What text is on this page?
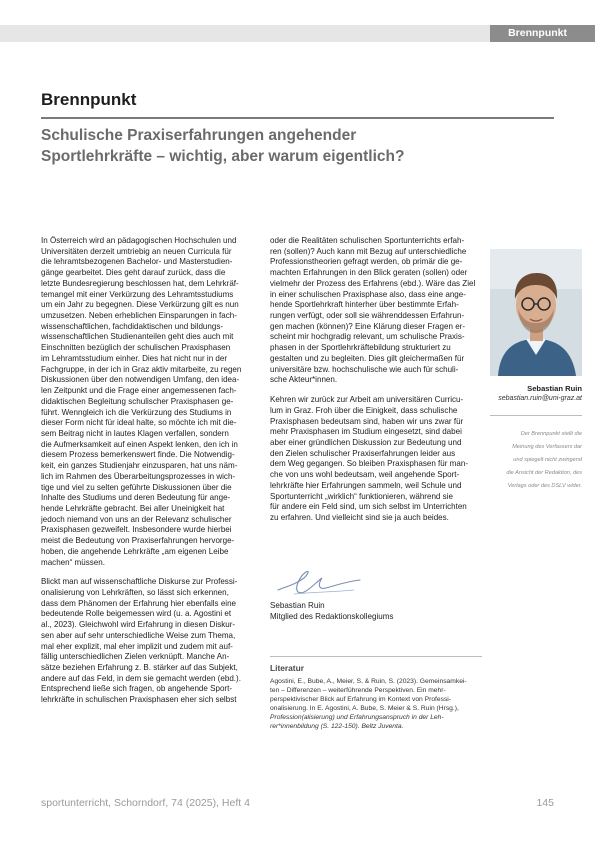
Brennpunkt
Brennpunkt
Schulische Praxiserfahrungen angehender
Sportlehrkräfte – wichtig, aber warum eigentlich?

In Österreich wird an pädagogischen Hochschulen und

Universitäten derzeit umtriebig an neuen Curricula für

die lehramtsbezogenen Bachelor- und Masterstudien-

gänge gearbeitet. Dies geht darauf zurück, dass die

letzte Bundesregierung beschlossen hat, dem Lehrkräf-

temangel mit einer Verkürzung des Lehramtsstudiums

um ein Jahr zu begegnen. Diese Verkürzung gilt es nun

umzusetzen. Neben erheblichen Einsparungen in fach-

wissenschaftlichen, fachdidaktischen und bildungs-

wissenschaftlichen Studienanteilen geht dies auch mit

Einschnitten bezüglich der schulischen Praxisphasen

im Lehramtsstudium einher. Dies hat nicht nur in der

Fachgruppe, in der ich in Graz aktiv mitarbeite, zu regen

Diskussionen über den notwendigen Umfang, den idea-

len Zeitpunkt und die Frage einer angemessenen fach-

didaktischen Begleitung schulischer Praxisphasen ge-

führt. Wenngleich ich die Verkürzung des Studiums in

dieser Form nicht für ideal halte, so möchte ich mit die-

sem Beitrag nicht in lautes Klagen verfallen, sondern

die Aufmerksamkeit auf einen Aspekt lenken, den ich in

diesem Prozess bemerkenswert finde. Die Notwendig-

keit, ein ganzes Studienjahr einzusparen, hat uns näm-

lich im Rahmen des Überarbeitungsprozesses in wich-

tige und viel zu selten geführte Diskussionen über die

Inhalte des Studiums und deren Bedeutung für ange-

hende Lehrkräfte gebracht. Bei aller Uneinigkeit hat

jedoch niemand von uns an der Relevanz schulischer

Praxisphasen gezweifelt. Insbesondere wurde hierbei

meist die Bedeutung von Praxiserfahrungen hervorge-

hoben, die angehende Lehrkräfte „am eigenen Leibe

machen“ müssen.

Blickt man auf wissenschaftliche Diskurse zur Professi-

onalisierung von Lehrkräften, so lässt sich erkennen,

dass dem Phänomen der Erfahrung hier ebenfalls eine

bedeutende Rolle beigemessen wird (u. a. Agostini et

al., 2023). Gleichwohl wird Erfahrung in diesen Diskur-

sen aber auf sehr unterschiedliche Weise zum Thema,

mal eher explizit, mal eher implizit und zudem mit auf-

fällig unterschiedlichen Zielen verknüpft. Manche An-

sätze beziehen Erfahrung z. B. stärker auf das Subjekt,

andere auf das Feld, in dem sie gemacht werden (ebd.).

Entsprechend ließe sich fragen, ob angehende Sport-

lehrkräfte in schulischen Praxisphasen eher sich selbst

oder die Realitäten schulischen Sportunterrichts erfah-

ren (sollen)? Auch kann mit Bezug auf unterschiedliche

Professionstheorien gefragt werden, ob primär die ge-

machten Erfahrungen in den Blick geraten (sollen) oder

vielmehr der Prozess des Erfahrens (ebd.). Wäre das Ziel

in einer schulischen Praxisphase also, dass eine ange-

hende Sportlehrkraft hinterher über bestimmte Erfah-

rungen verfügt, oder soll sie währenddessen Erfahrun-

gen machen (können)? Eine Klärung dieser Fragen er-

scheint mir hochgradig relevant, um schulische Praxis-

phasen in der Sportlehrkräftebildung strukturiert zu

gestalten und zu begleiten. Dies gilt gleichermaßen für

universitäre bzw. hochschulische wie auch für schuli-

sche Akteur*innen.

Kehren wir zurück zur Arbeit am universitären Curricu-

lum in Graz. Froh über die Einigkeit, dass schulische

Praxisphasen bedeutsam sind, haben wir uns zwar für

mehr Praxisphasen im Studium eingesetzt, sind dabei

aber einer gründlichen Diskussion zur Bedeutung und

den Zielen schulischer Praxiserfahrungen leider aus

dem Weg gegangen. So bleiben Praxisphasen für man-

che von uns wohl bedeutsam, weil angehende Sport-

lehrkräfte hier Erfahrungen sammeln, weil Schule und

Sportunterricht „wirklich“ funktionieren, während sie

für andere ein Feld sind, um sich selbst im Unterrichten

zu erfahren. Und vielleicht sind sie ja auch beides.

Sebastian Ruin
sebastian.ruin@uni-graz.at

Der Brennpunkt stellt die

Meinung des Verfassers dar

und spiegelt nicht zwingend

die Ansicht der Redaktion, des

Verlags oder des DSLV wider.

Sebastian Ruin
Mitglied des Redaktionskollegiums
Literatur

Agostini, E., Bube, A., Meier, S. & Ruin, S. (2023). Gemeinsamkei-

ten – Differenzen – weiterführende Perspektiven. Ein mehr-

perspektivischer Blick auf Erfahrung im Kontext von Professi-

onalisierung. In E. Agostini, A. Bube, S. Meier & S. Ruin (Hrsg.),

Profession(alisierung) und Erfahrungsanspruch in der Leh-

rer*innenbildung (S. 122-150). Beltz Juventa.

sportunterricht, Schorndorf, 74 (2025), Heft 4	145
